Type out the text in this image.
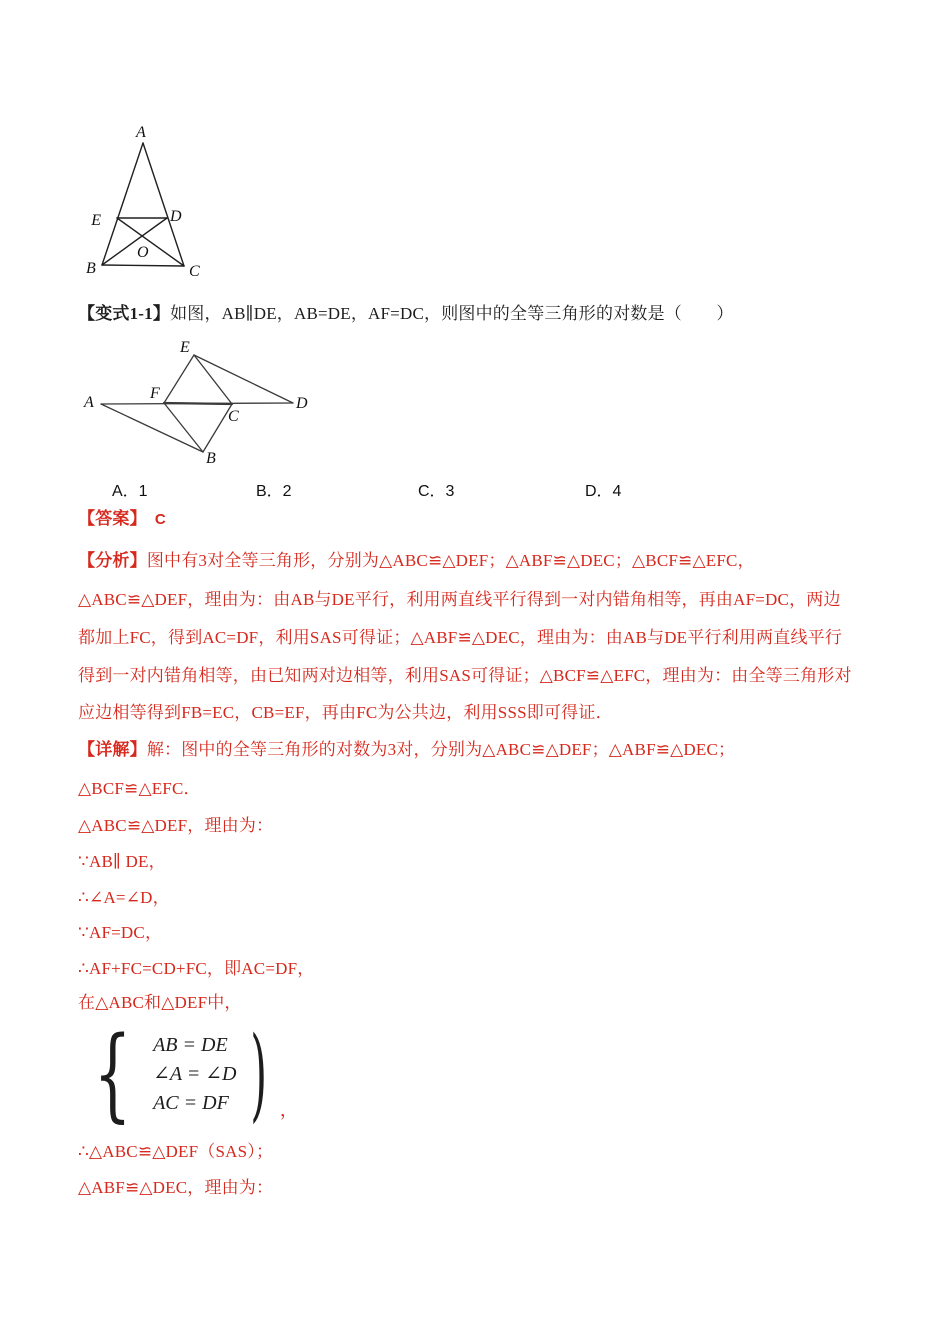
A
E	D
O
B	C
【变式1-1】如图，AB∥DE，AB=DE，AF=DC，则图中的全等三角形的对数是（　　）
A
E
F
C
D
B
A．1	B．2	C．3	D．4
【答案】 C
【分析】图中有3对全等三角形，分别为△ABC≌△DEF；△ABF≌△DEC；△BCF≌△EFC，
△ABC≌△DEF，理由为：由AB与DE平行，利用两直线平行得到一对内错角相等，再由AF=DC，两边
都加上FC，得到AC=DF，利用SAS可得证；△ABF≌△DEC，理由为：由AB与DE平行利用两直线平行
得到一对内错角相等，由已知两对边相等，利用SAS可得证；△BCF≌△EFC，理由为：由全等三角形对
应边相等得到FB=EC，CB=EF，再由FC为公共边，利用SSS即可得证．
【详解】解：图中的全等三角形的对数为3对，分别为△ABC≌△DEF；△ABF≌△DEC；
△BCF≌△EFC．
△ABC≌△DEF，理由为：
∵AB∥ DE，
∴∠A=∠D，
∵AF=DC，
∴AF+FC=CD+FC，即AC=DF，
在△ABC和△DEF中，
{	AB = DE
∠A = ∠D
AC = DF ) ，
∴△ABC≌△DEF（SAS）；
△ABF≌△DEC，理由为：
